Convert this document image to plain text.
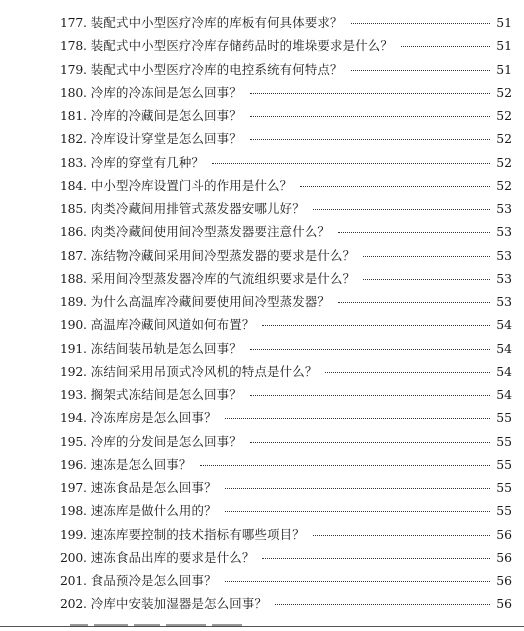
177. 装配式中小型医疗冷库的库板有何具体要求？	51
178. 装配式中小型医疗冷库存储药品时的堆垛要求是什么？	51
179. 装配式中小型医疗冷库的电控系统有何特点？	51
180. 冷库的冷冻间是怎么回事？	52
181. 冷库的冷藏间是怎么回事？	52
182. 冷库设计穿堂是怎么回事？	52
183. 冷库的穿堂有几种？	52
184. 中小型冷库设置门斗的作用是什么？	52
185. 肉类冷藏间用排管式蒸发器安哪儿好？	53
186. 肉类冷藏间使用间冷型蒸发器要注意什么？	53
187. 冻结物冷藏间采用间冷型蒸发器的要求是什么？	53
188. 采用间冷型蒸发器冷库的气流组织要求是什么？	53
189. 为什么高温库冷藏间要使用间冷型蒸发器？	53
190. 高温库冷藏间风道如何布置？	54
191. 冻结间装吊轨是怎么回事？	54
192. 冻结间采用吊顶式冷风机的特点是什么？	54
193. 搁架式冻结间是怎么回事？	54
194. 冷冻库房是怎么回事？	55
195. 冷库的分发间是怎么回事？	55
196. 速冻是怎么回事？	55
197. 速冻食品是怎么回事？	55
198. 速冻库是做什么用的？	55
199. 速冻库要控制的技术指标有哪些项目？	56
200. 速冻食品出库的要求是什么？	56
201. 食品预冷是怎么回事？	56
202. 冷库中安装加湿器是怎么回事？	56
